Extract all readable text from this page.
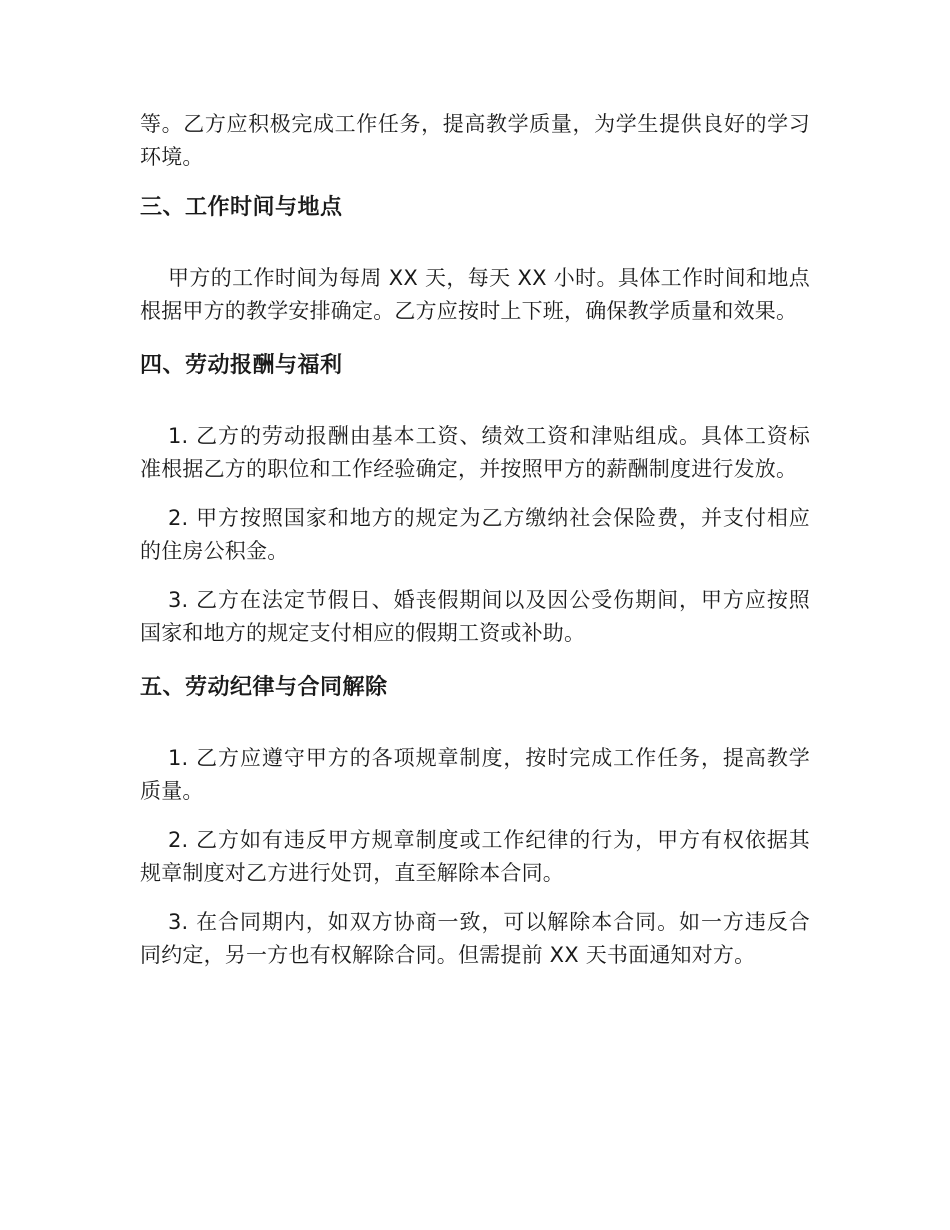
等。乙方应积极完成工作任务，提高教学质量，为学生提供良好的学习环境。

三、工作时间与地点

甲方的工作时间为每周 XX 天，每天 XX 小时。具体工作时间和地点根据甲方的教学安排确定。乙方应按时上下班，确保教学质量和效果。

四、劳动报酬与福利

1. 乙方的劳动报酬由基本工资、绩效工资和津贴组成。具体工资标准根据乙方的职位和工作经验确定，并按照甲方的薪酬制度进行发放。

2. 甲方按照国家和地方的规定为乙方缴纳社会保险费，并支付相应的住房公积金。

3. 乙方在法定节假日、婚丧假期间以及因公受伤期间，甲方应按照国家和地方的规定支付相应的假期工资或补助。

五、劳动纪律与合同解除

1. 乙方应遵守甲方的各项规章制度，按时完成工作任务，提高教学质量。

2. 乙方如有违反甲方规章制度或工作纪律的行为，甲方有权依据其规章制度对乙方进行处罚，直至解除本合同。

3. 在合同期内，如双方协商一致，可以解除本合同。如一方违反合同约定，另一方也有权解除合同。但需提前 XX 天书面通知对方。
